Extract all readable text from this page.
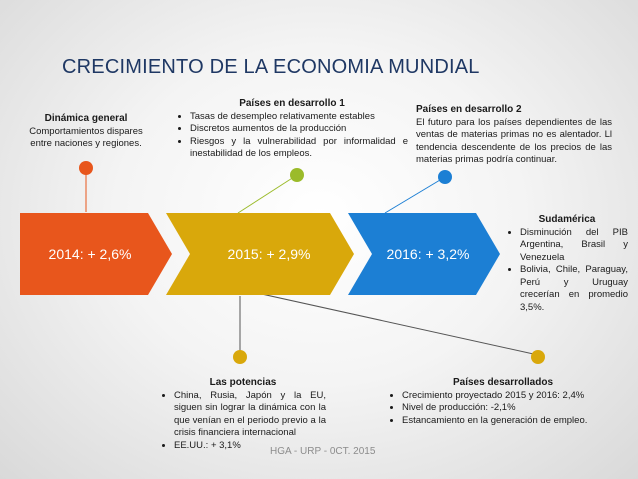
CRECIMIENTO DE LA ECONOMIA MUNDIAL
2014: + 2,6%	2015: + 2,9%	2016: + 3,2%
Dinámica general
Comportamientos dispares entre naciones y regiones.
Países en desarrollo 1
• Tasas de desempleo relativamente estables
• Discretos aumentos de la producción
• Riesgos y la vulnerabilidad por informalidad e inestabilidad de los empleos.
Países en desarrollo 2
El futuro para los países dependientes de las ventas de materias primas no es alentador. Ll tendencia descendente de los precios de las materias primas podría continuar.
Sudamérica
• Disminución del PIB Argentina, Brasil y Venezuela
• Bolivia, Chile, Paraguay, Perú y Uruguay crecerían en promedio 3,5%.
Las potencias
• China, Rusia, Japón y la EU, siguen sin lograr la dinámica con la que venían en el periodo previo a la crisis financiera internacional
• EE.UU.: + 3,1%
Países desarrollados
• Crecimiento proyectado 2015 y 2016: 2,4%
• Nivel de producción: -2,1%
• Estancamiento en la generación de empleo.
HGA - URP - 0CT. 2015
